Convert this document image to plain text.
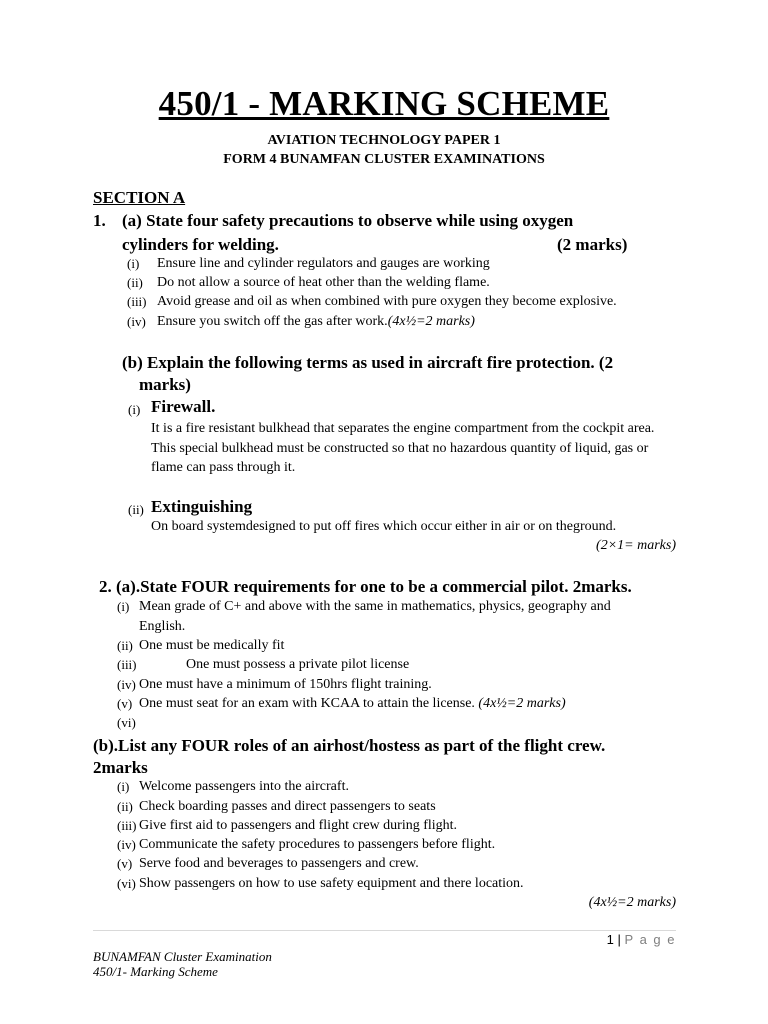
450/1 - MARKING SCHEME
AVIATION TECHNOLOGY PAPER 1
FORM 4 BUNAMFAN CLUSTER EXAMINATIONS
SECTION A
1. (a) State four safety precautions to observe while using oxygen
cylinders for welding.	(2 marks)
(i) Ensure line and cylinder regulators and gauges are working
(ii) Do not allow a source of heat other than the welding flame.
(iii) Avoid grease and oil as when combined with pure oxygen they become explosive.
(iv) Ensure you switch off the gas after work.(4x½=2 marks)
(b) Explain the following terms as used in aircraft fire protection. (2
marks)
(i) Firewall.
It is a fire resistant bulkhead that separates the engine compartment from the cockpit area. This special bulkhead must be constructed so that no hazardous quantity of liquid, gas or flame can pass through it.
(ii) Extinguishing
On board systemdesigned to put off fires which occur either in air or on theground.
(2×1= marks)
2. (a).State FOUR requirements for one to be a commercial pilot. 2marks.
(i) Mean grade of C+ and above with the same in mathematics, physics, geography and
English.
(ii) One must be medically fit
(iii)	One must possess a private pilot license
(iv) One must have a minimum of 150hrs flight training.
(v) One must seat for an exam with KCAA to attain the license. (4x½=2 marks)
(vi)
(b).List any FOUR roles of an airhost/hostess as part of the flight crew.
2marks
(i) Welcome passengers into the aircraft.
(ii) Check boarding passes and direct passengers to seats
(iii) Give first aid to passengers and flight crew during flight.
(iv) Communicate the safety procedures to passengers before flight.
(v) Serve food and beverages to passengers and crew.
(vi) Show passengers on how to use safety equipment and there location.
(4x½=2 marks)
1 | P a g e
BUNAMFAN Cluster Examination
450/1- Marking Scheme
